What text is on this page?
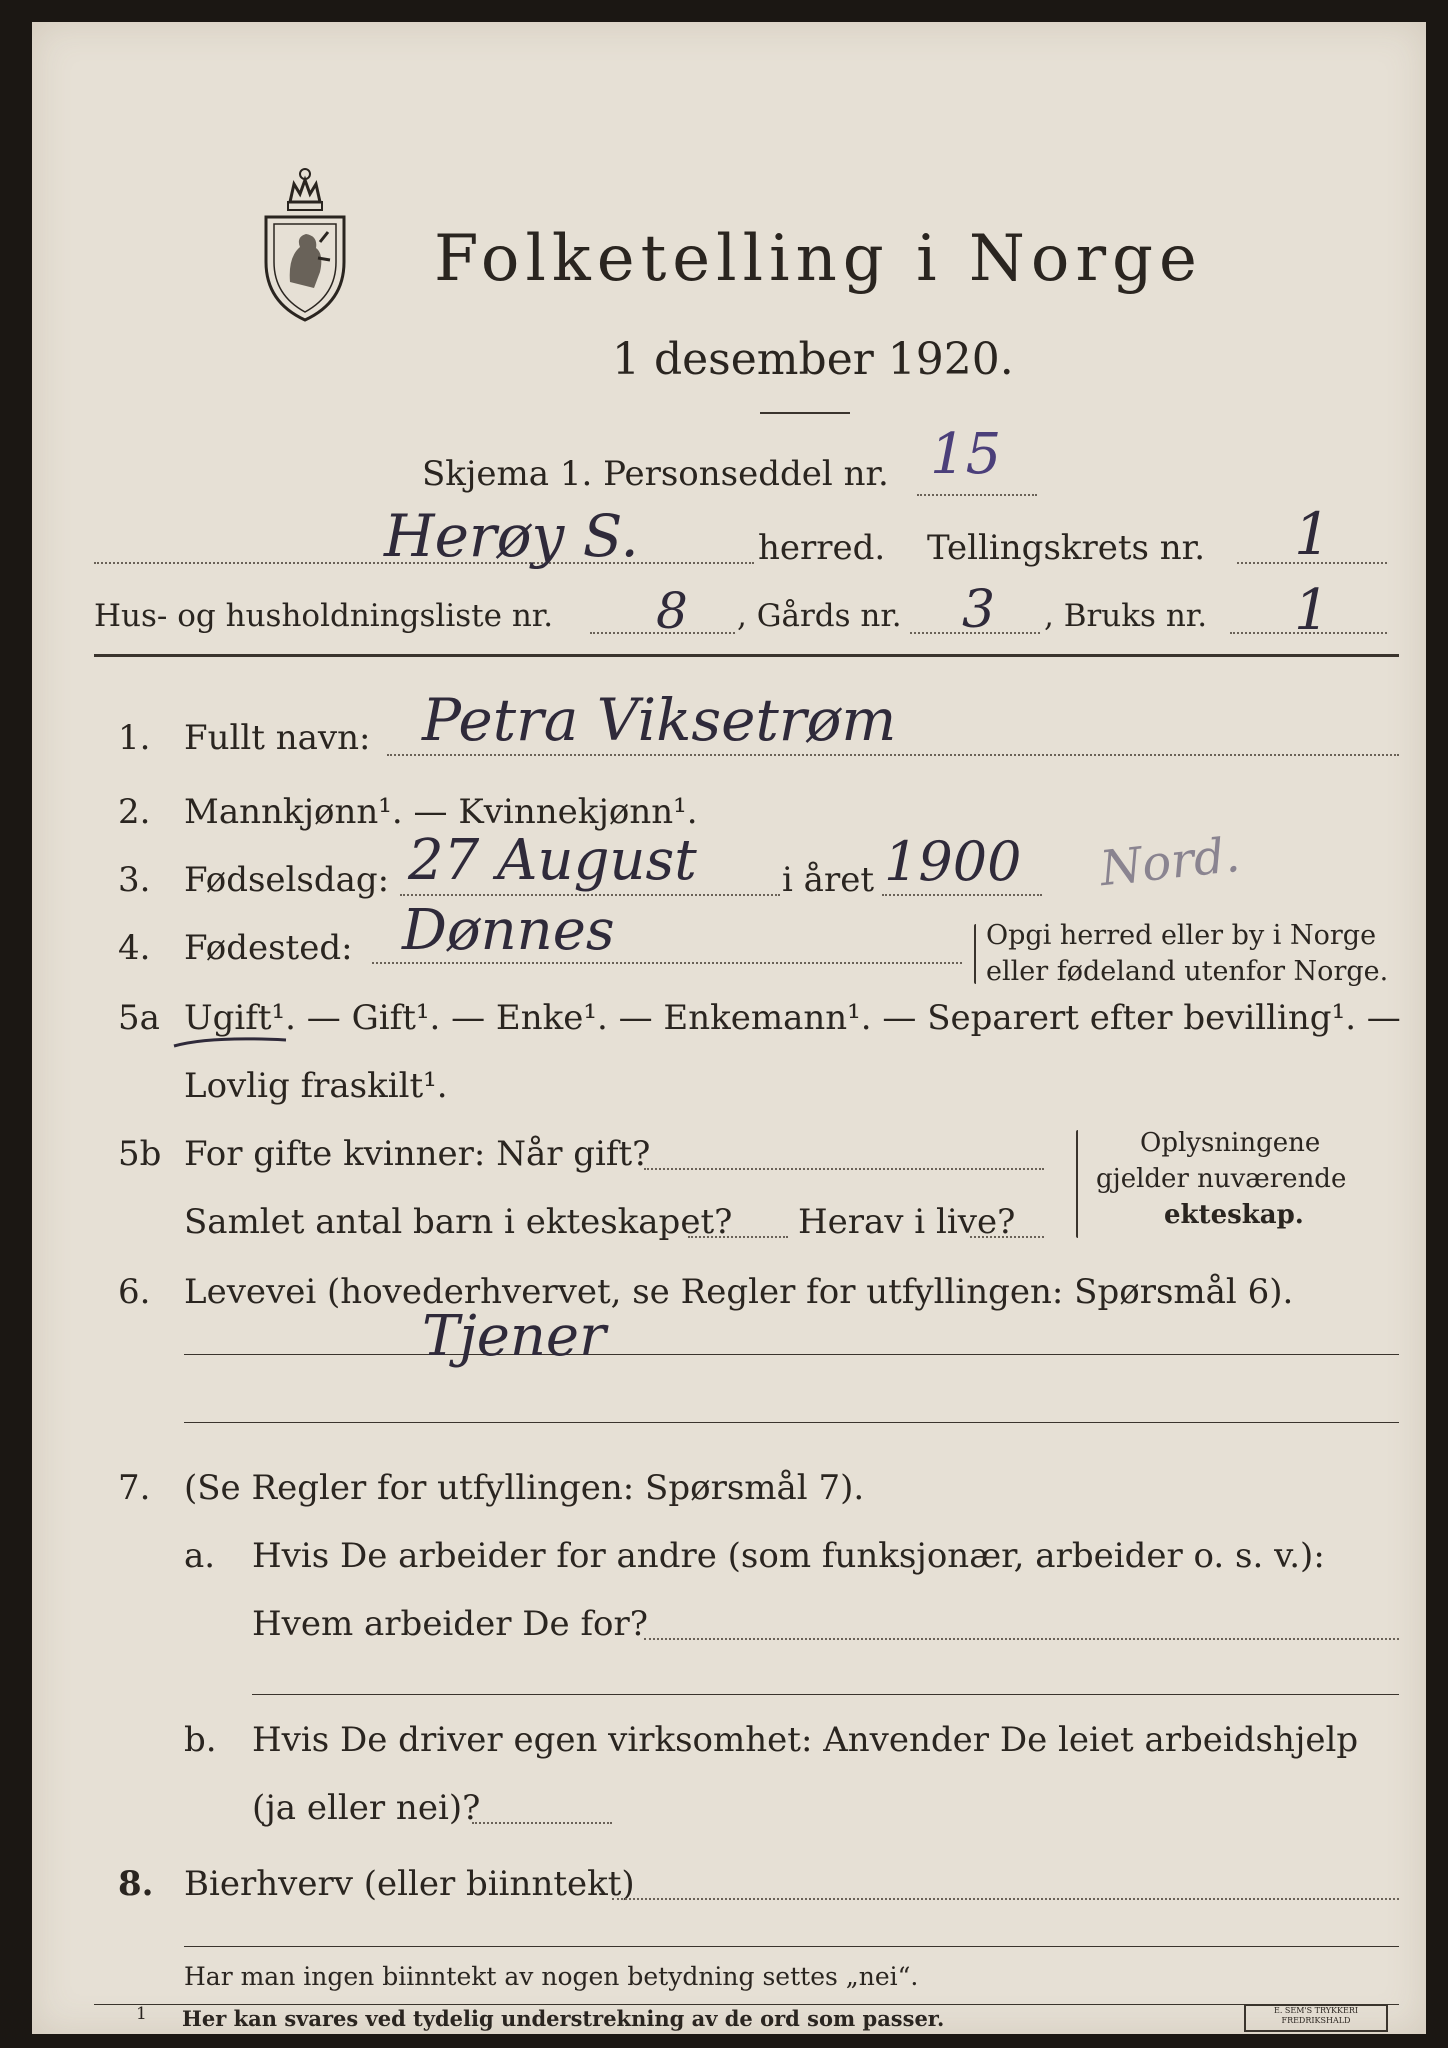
Folketelling i Norge
1 desember 1920.
Skjema 1. Personseddel nr. 15
Herøy S.	herred. Tellingskrets nr. 1
Hus- og husholdningsliste nr. 8 , Gårds nr. 3 , Bruks nr. 1
1. Fullt navn: Petra Viksetrøm
2. Mannkjønn¹. — Kvinnekjønn¹.
3. Fødselsdag: 27 August	i året 1900 Nord.
4. Fødested: Dønnes	Opgi herred eller by i Norge
eller fødeland utenfor Norge.
5a Ugift¹. — Gift¹. — Enke¹. — Enkemann¹. — Separert efter bevilling¹. —
Lovlig fraskilt¹.
5b For gifte kvinner: Når gift?
Samlet antal barn i ekteskapet? Herav i live?
Oplysningene
gjelder nuværende
ekteskap.
6. Levevei (hovederhvervet, se Regler for utfyllingen: Spørsmål 6).
Tjener
7. (Se Regler for utfyllingen: Spørsmål 7).
a. Hvis De arbeider for andre (som funksjonær, arbeider o. s. v.):
Hvem arbeider De for?
b. Hvis De driver egen virksomhet: Anvender De leiet arbeidshjelp
(ja eller nei)?
8. Bierhverv (eller biinntekt)
Har man ingen biinntekt av nogen betydning settes „nei“.
1 Her kan svares ved tydelig understrekning av de ord som passer.	E. SEM'S TRYKKERI FREDRIKSHALD
